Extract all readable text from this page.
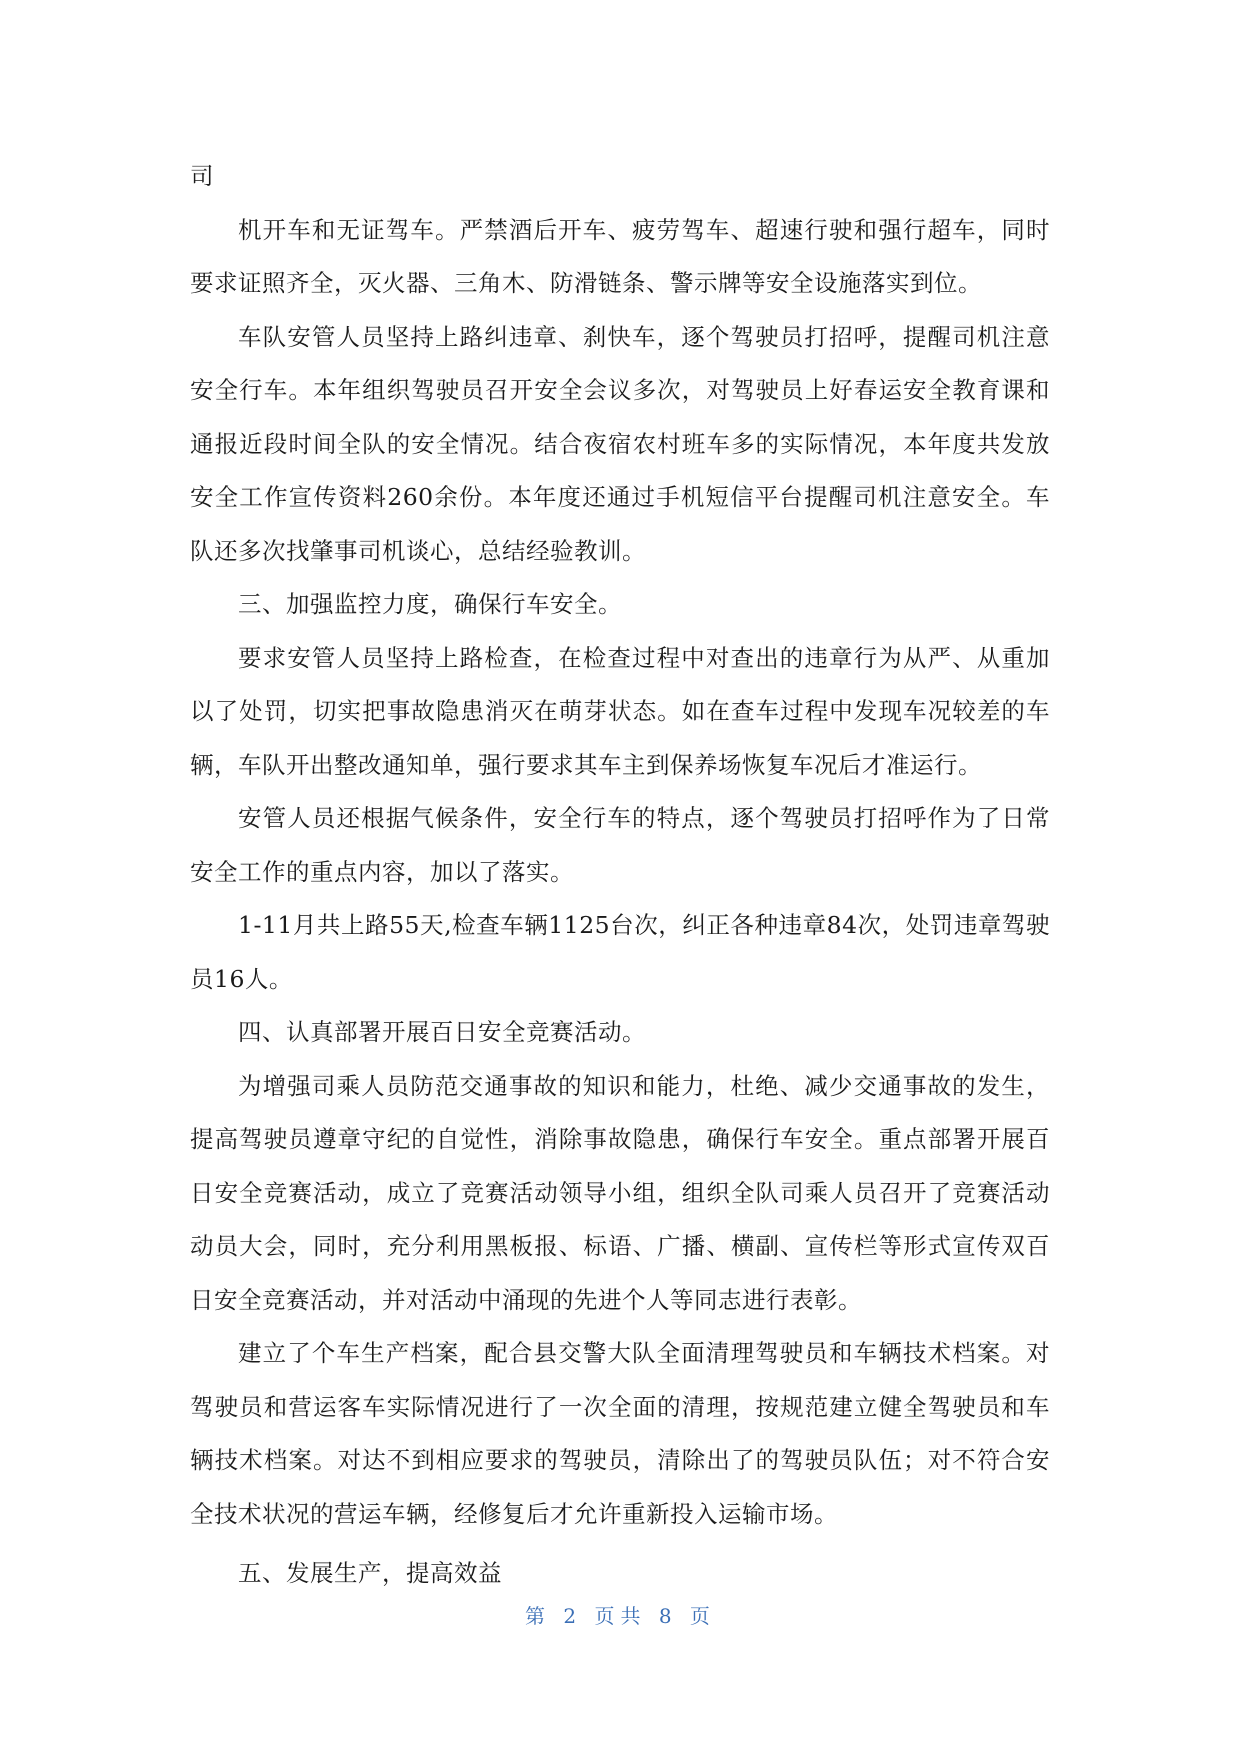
司

机开车和无证驾车。严禁酒后开车、疲劳驾车、超速行驶和强行超车，同时要求证照齐全，灭火器、三角木、防滑链条、警示牌等安全设施落实到位。

车队安管人员坚持上路纠违章、刹快车，逐个驾驶员打招呼，提醒司机注意安全行车。本年组织驾驶员召开安全会议多次，对驾驶员上好春运安全教育课和通报近段时间全队的安全情况。结合夜宿农村班车多的实际情况，本年度共发放安全工作宣传资料260余份。本年度还通过手机短信平台提醒司机注意安全。车队还多次找肇事司机谈心，总结经验教训。

三、加强监控力度，确保行车安全。

要求安管人员坚持上路检查，在检查过程中对查出的违章行为从严、从重加以了处罚，切实把事故隐患消灭在萌芽状态。如在查车过程中发现车况较差的车辆，车队开出整改通知单，强行要求其车主到保养场恢复车况后才准运行。

安管人员还根据气候条件，安全行车的特点，逐个驾驶员打招呼作为了日常安全工作的重点内容，加以了落实。

1-11月共上路55天,检查车辆1125台次，纠正各种违章84次，处罚违章驾驶员16人。

四、认真部署开展百日安全竞赛活动。

为增强司乘人员防范交通事故的知识和能力，杜绝、减少交通事故的发生，提高驾驶员遵章守纪的自觉性，消除事故隐患，确保行车安全。重点部署开展百日安全竞赛活动，成立了竞赛活动领导小组，组织全队司乘人员召开了竞赛活动动员大会，同时，充分利用黑板报、标语、广播、横副、宣传栏等形式宣传双百日安全竞赛活动，并对活动中涌现的先进个人等同志进行表彰。

建立了个车生产档案，配合县交警大队全面清理驾驶员和车辆技术档案。对驾驶员和营运客车实际情况进行了一次全面的清理，按规范建立健全驾驶员和车辆技术档案。对达不到相应要求的驾驶员，清除出了的驾驶员队伍；对不符合安全技术状况的营运车辆，经修复后才允许重新投入运输市场。

五、发展生产，提高效益

第 2 页共 8 页
